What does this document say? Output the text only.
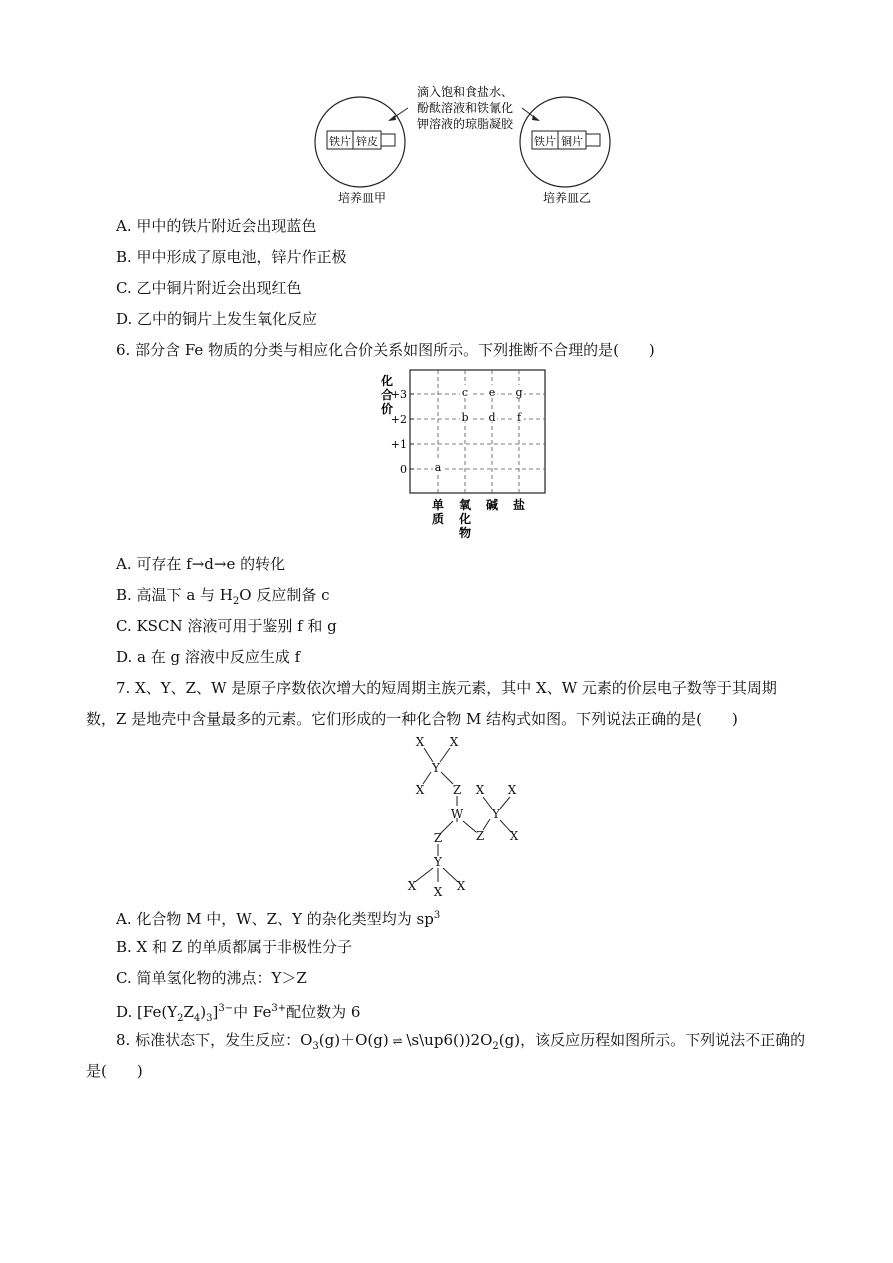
铁片 锌皮
培养皿甲
铁片 铜片
培养皿乙
滴入饱和食盐水、
酚酞溶液和铁氰化
钾溶液的琼脂凝胶
A. 甲中的铁片附近会出现蓝色
B. 甲中形成了原电池，锌片作正极
C. 乙中铜片附近会出现红色
D. 乙中的铜片上发生氧化反应
6. 部分含 Fe 物质的分类与相应化合价关系如图所示。下列推断不合理的是(　　)
化
合
价
+3
+2
+1
0
单
质
氧
化
物
碱 盐
a
b
c
d
e
f
g
A. 可存在 f→d→e 的转化
B. 高温下 a 与 $H_2O$ 反应制备 c
C. KSCN 溶液可用于鉴别 f 和 g
D. a 在 g 溶液中反应生成 f
7. X、Y、Z、W 是原子序数依次增大的短周期主族元素，其中 X、W 元素的价层电子数等于其周期
数，Z 是地壳中含量最多的元素。它们形成的一种化合物 M 结构式如图。下列说法正确的是(　　)
X X
Y
X Z
W
Z
Y
X X X
Z
X X
Y
X
A. 化合物 M 中，W、Z、Y 的杂化类型均为 $sp^3$
B. X 和 Z 的单质都属于非极性分子
C. 简单氢化物的沸点：Y＞Z
D. $[Fe(Y_2Z_4)_3]^{3-}$中 $Fe^{3+}$配位数为 6
8. 标准状态下，发生反应：$O_3(g)+O(g)$ ⇌ $\backslash s\backslash up6())2O_2(g)$，该反应历程如图所示。下列说法不正确的
是(　　)
